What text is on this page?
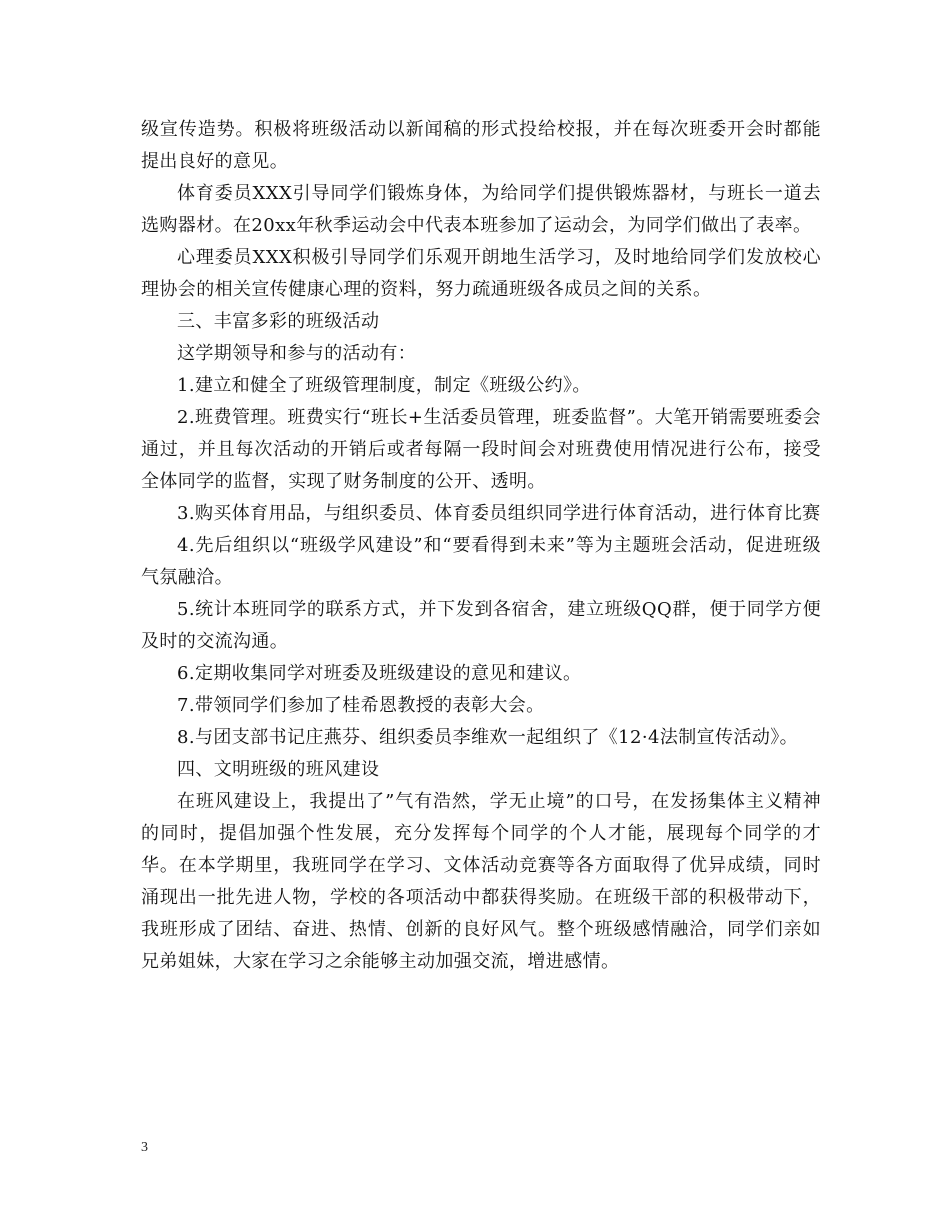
级宣传造势。积极将班级活动以新闻稿的形式投给校报，并在每次班委开会时都能提出良好的意见。

体育委员XXX引导同学们锻炼身体，为给同学们提供锻炼器材，与班长一道去选购器材。在20xx年秋季运动会中代表本班参加了运动会，为同学们做出了表率。

心理委员XXX积极引导同学们乐观开朗地生活学习，及时地给同学们发放校心理协会的相关宣传健康心理的资料，努力疏通班级各成员之间的关系。

三、丰富多彩的班级活动

这学期领导和参与的活动有：

1.建立和健全了班级管理制度，制定《班级公约》。

2.班费管理。班费实行“班长+生活委员管理，班委监督”。大笔开销需要班委会通过，并且每次活动的开销后或者每隔一段时间会对班费使用情况进行公布，接受全体同学的监督，实现了财务制度的公开、透明。

3.购买体育用品，与组织委员、体育委员组织同学进行体育活动，进行体育比赛

4.先后组织以“班级学风建设”和“要看得到未来”等为主题班会活动，促进班级气氛融洽。

5.统计本班同学的联系方式，并下发到各宿舍，建立班级QQ群，便于同学方便及时的交流沟通。

6.定期收集同学对班委及班级建设的意见和建议。

7.带领同学们参加了桂希恩教授的表彰大会。

8.与团支部书记庄燕芬、组织委员李维欢一起组织了《12·4法制宣传活动》。

四、文明班级的班风建设

在班风建设上，我提出了”气有浩然，学无止境”的口号，在发扬集体主义精神的同时，提倡加强个性发展，充分发挥每个同学的个人才能，展现每个同学的才华。在本学期里，我班同学在学习、文体活动竞赛等各方面取得了优异成绩，同时涌现出一批先进人物，学校的各项活动中都获得奖励。在班级干部的积极带动下，我班形成了团结、奋进、热情、创新的良好风气。整个班级感情融洽，同学们亲如兄弟姐妹，大家在学习之余能够主动加强交流，增进感情。

3
